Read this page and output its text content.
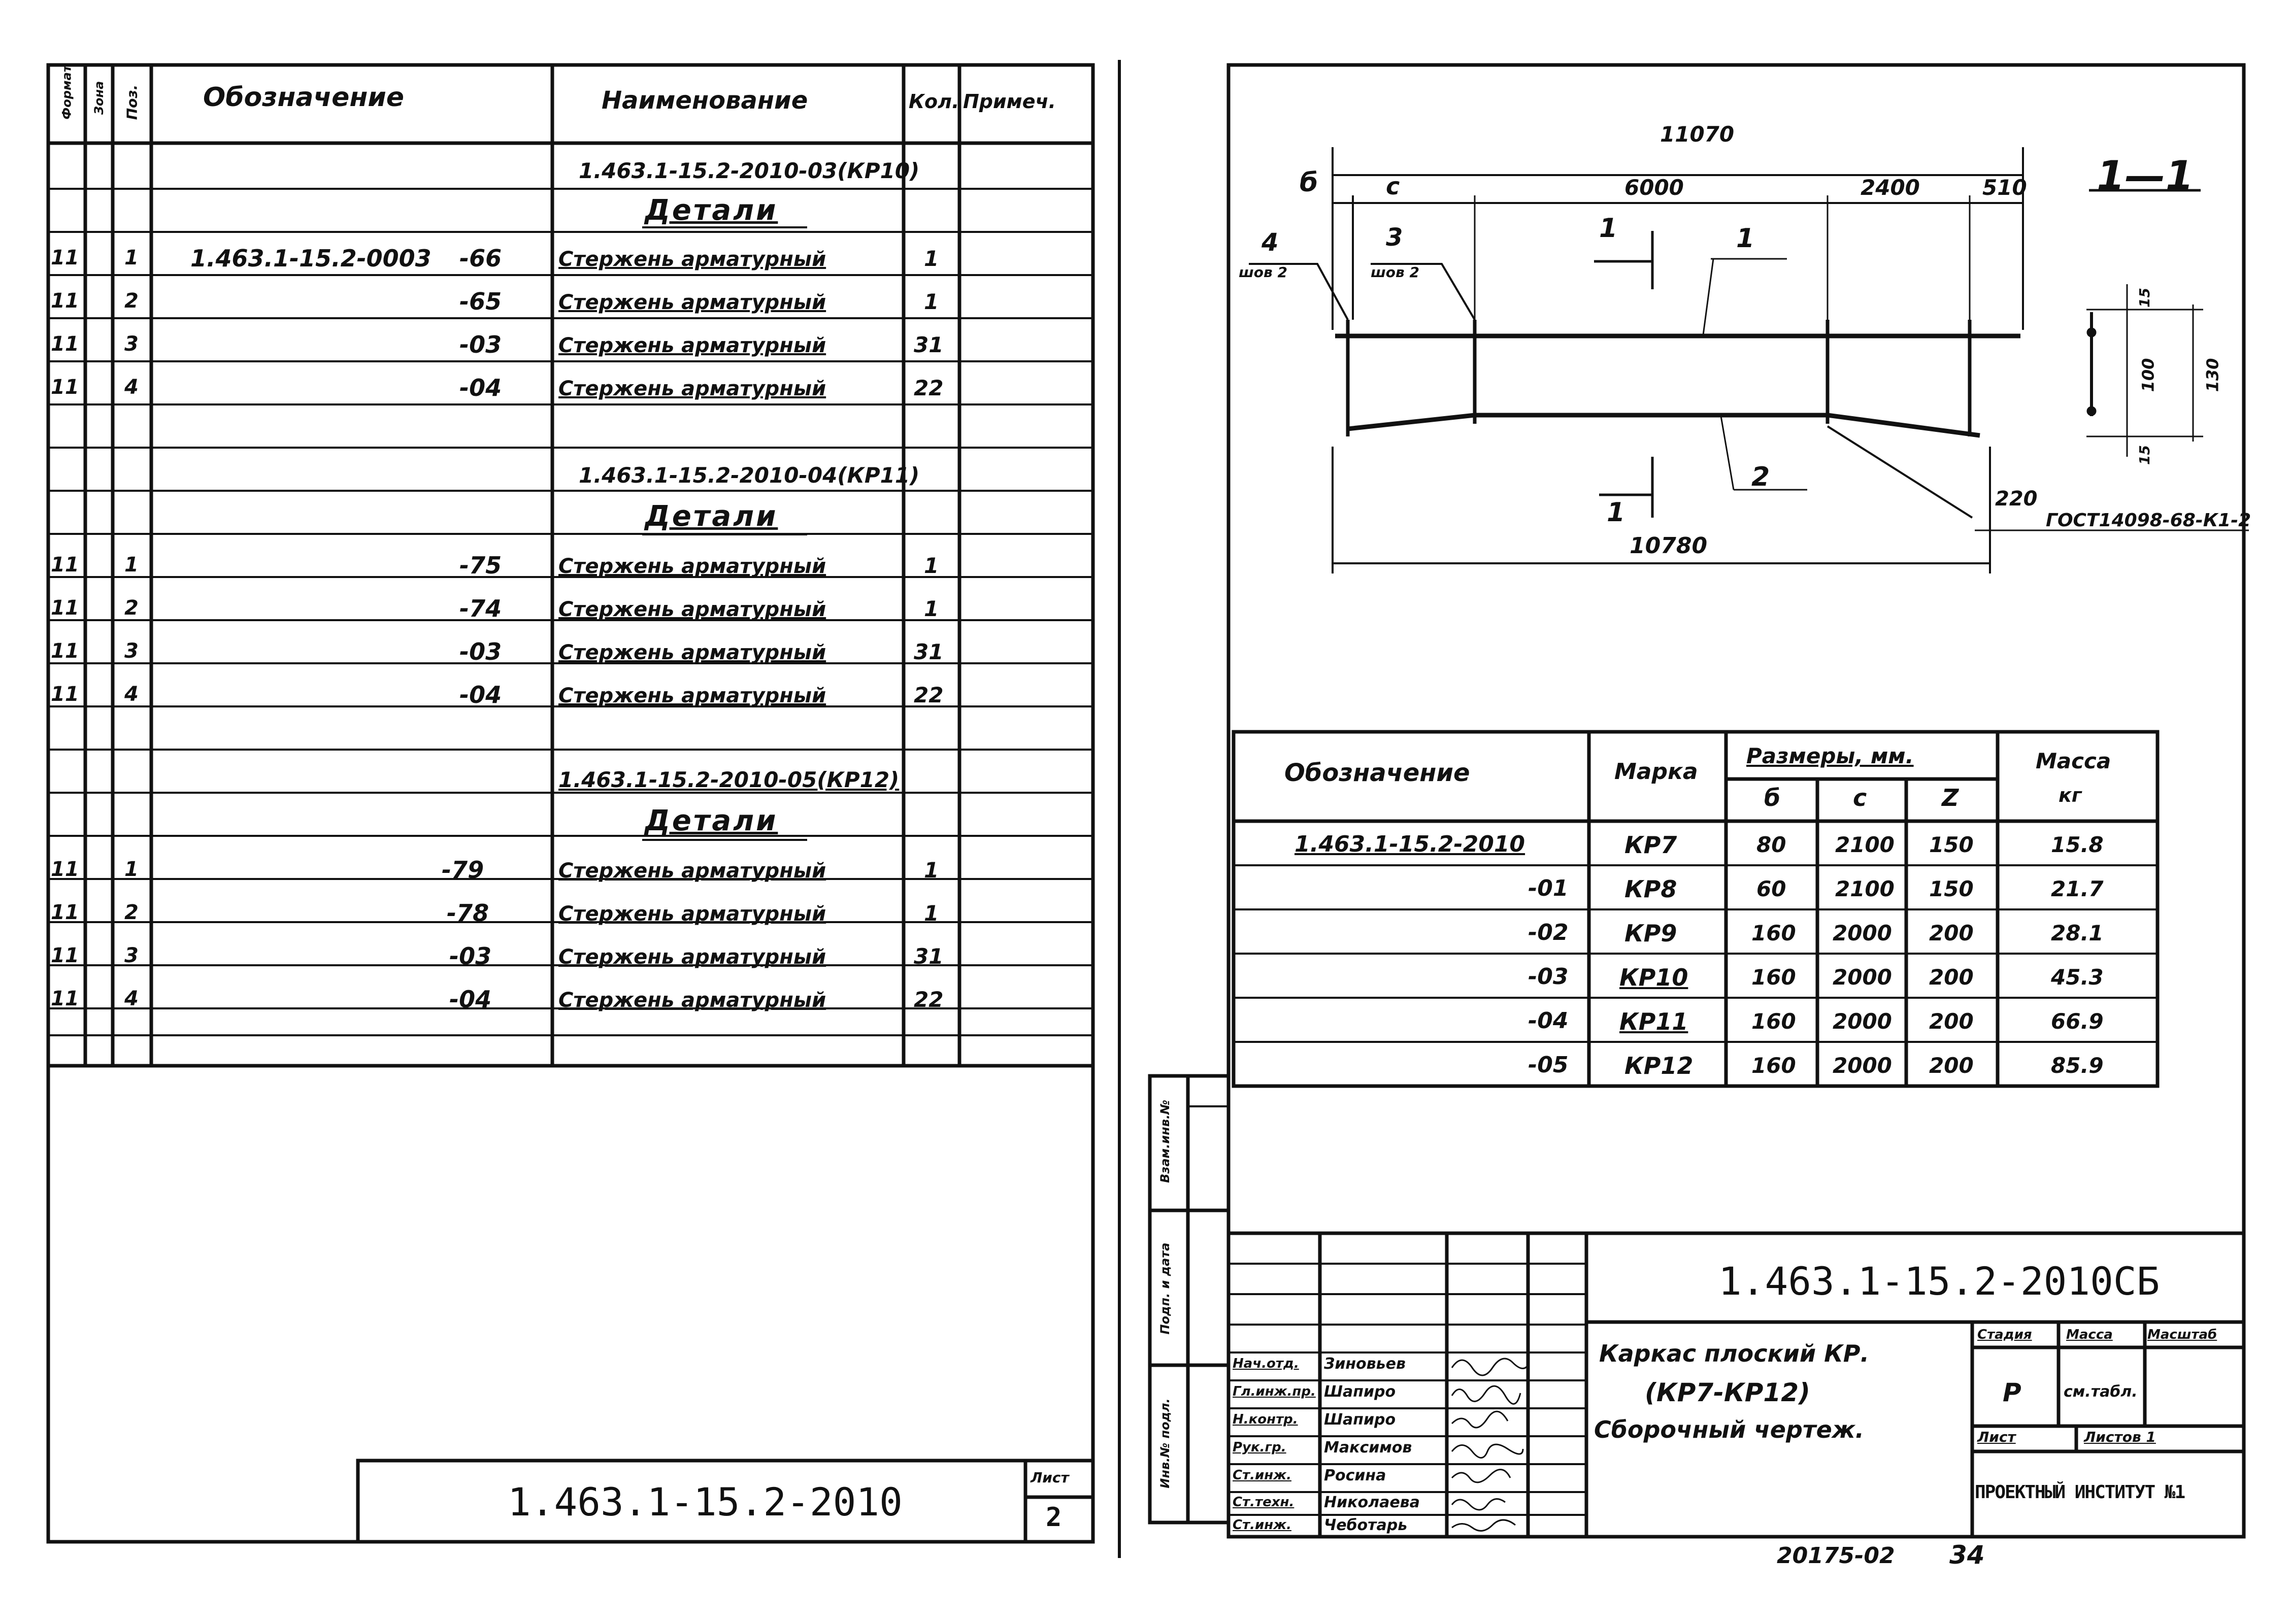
Формат Зона Поз. Обозначение	Наименование	Кол. Примеч.
1.463.1-15.2-2010-03(КР10)
Детали
11 1 1.463.1-15.2-0003 -66	Стержень арматурный	1
11 2	-65	Стержень арматурный	1
11 3	-03	Стержень арматурный	31
11 4	-04	Стержень арматурный	22
1.463.1-15.2-2010-04(КР11)
Детали
11 1	-75	Стержень арматурный	1
11 2	-74	Стержень арматурный	1
11 3	-03	Стержень арматурный	31
11 4	-04	Стержень арматурный	22
1.463.1-15.2-2010-05(КР12)
Детали
11 1	-79	Стержень арматурный	1
11 2	-78	Стержень арматурный	1
11 3	-03	Стержень арматурный	31
11 4	-04	Стержень арматурный	22
1.463.1-15.2-2010
Лист
2
11070
б	с	6000	2400	510 1—1
4
шов 2
3
шов 2
1	1
2
1
10780
220
ГОСТ14098-68-К1-2
15
100
15
130
Обозначение	Марка
Размеры, мм.
б	с	Z
Масса
кг
1.463.1-15.2-2010	КР7	80 2100 150	15.8
-01 КР8	60 2100 150	21.7
-02 КР9	160 2000 200	28.1
-03 КР10	160 2000 200	45.3
-04 КР11	160 2000 200	66.9
-05 КР12	160 2000 200	85.9
Взам.инв.№
Подп. и дата
Инв.№ подл.
1.463.1-15.2-2010СБ
Каркас плоский КР.
(КР7-КР12)
Сборочный чертеж.
Стадия	Масса	Масштаб
Р	см.табл.
Лист	Листов 1
ПРОЕКТНЫЙ ИНСТИТУТ №1
Нач.отд. Зиновьев
Гл.инж.пр. Шапиро
Н.контр. Шапиро
Рук.гр. Максимов
Ст.инж. Росина
Ст.техн. Николаева
Ст.инж. Чеботарь
20175-02 34
